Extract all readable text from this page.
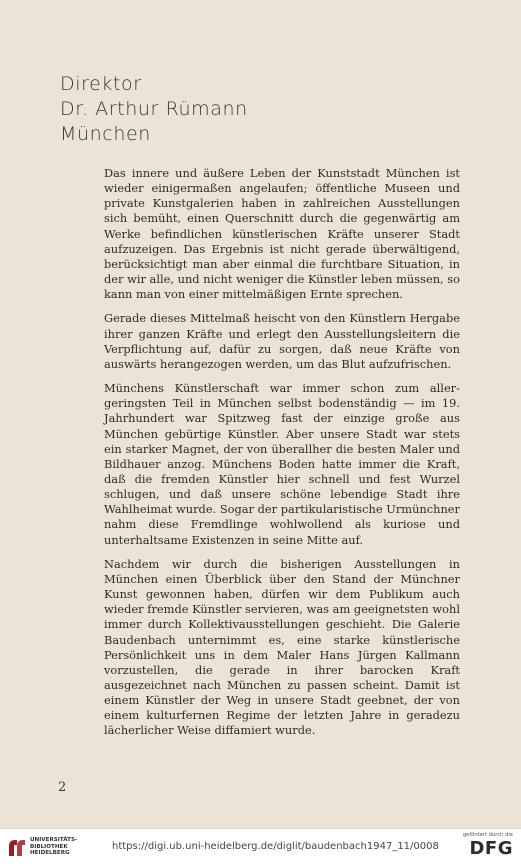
Direktor
Dr. Arthur Rümann
München

Das innere und äußere Leben der Kunststadt München ist wieder einigermaßen angelaufen; öffentliche Museen und private Kunstgalerien haben in zahlreichen Ausstellungen sich bemüht, einen Querschnitt durch die gegenwärtig am Werke befindlichen künstlerischen Kräfte unserer Stadt aufzuzeigen. Das Ergebnis ist nicht gerade überwältigend, berücksichtigt man aber einmal die furchtbare Situation, in der wir alle, und nicht weniger die Künstler leben müssen, so kann man von einer mittelmäßigen Ernte sprechen.

Gerade dieses Mittelmaß heischt von den Künstlern Hergabe ihrer ganzen Kräfte und erlegt den Ausstellungsleitern die Verpflichtung auf, dafür zu sorgen, daß neue Kräfte von auswärts herangezogen werden, um das Blut aufzufrischen.

Münchens Künstlerschaft war immer schon zum allergeringsten Teil in München selbst bodenständig — im 19. Jahrhundert war Spitzweg fast der einzige große aus München gebürtige Künstler. Aber unsere Stadt war stets ein starker Magnet, der von überallher die besten Maler und Bildhauer anzog. Münchens Boden hatte immer die Kraft, daß die fremden Künstler hier schnell und fest Wurzel schlugen, und daß unsere schöne lebendige Stadt ihre Wahlheimat wurde. Sogar der partikularistische Urmünchner nahm diese Fremdlinge wohlwollend als kuriose und unterhaltsame Existenzen in seine Mitte auf.

Nachdem wir durch die bisherigen Ausstellungen in München einen Überblick über den Stand der Münchner Kunst gewonnen haben, dürfen wir dem Publikum auch wieder fremde Künstler servieren, was am geeignetsten wohl immer durch Kollektivausstellungen geschieht. Die Galerie Baudenbach unternimmt es, eine starke künstlerische Persönlichkeit uns in dem Maler Hans Jürgen Kallmann vorzustellen, die gerade in ihrer barocken Kraft ausgezeichnet nach München zu passen scheint. Damit ist einem Künstler der Weg in unsere Stadt geebnet, der von einem kulturfernen Regime der letzten Jahre in geradezu lächerlicher Weise diffamiert wurde.

2
UNIVERSITÄTS-
BIBLIOTHEK
HEIDELBERG
https://digi.ub.uni-heidelberg.de/diglit/baudenbach1947_11/0008
gefördert durch die
DFG
